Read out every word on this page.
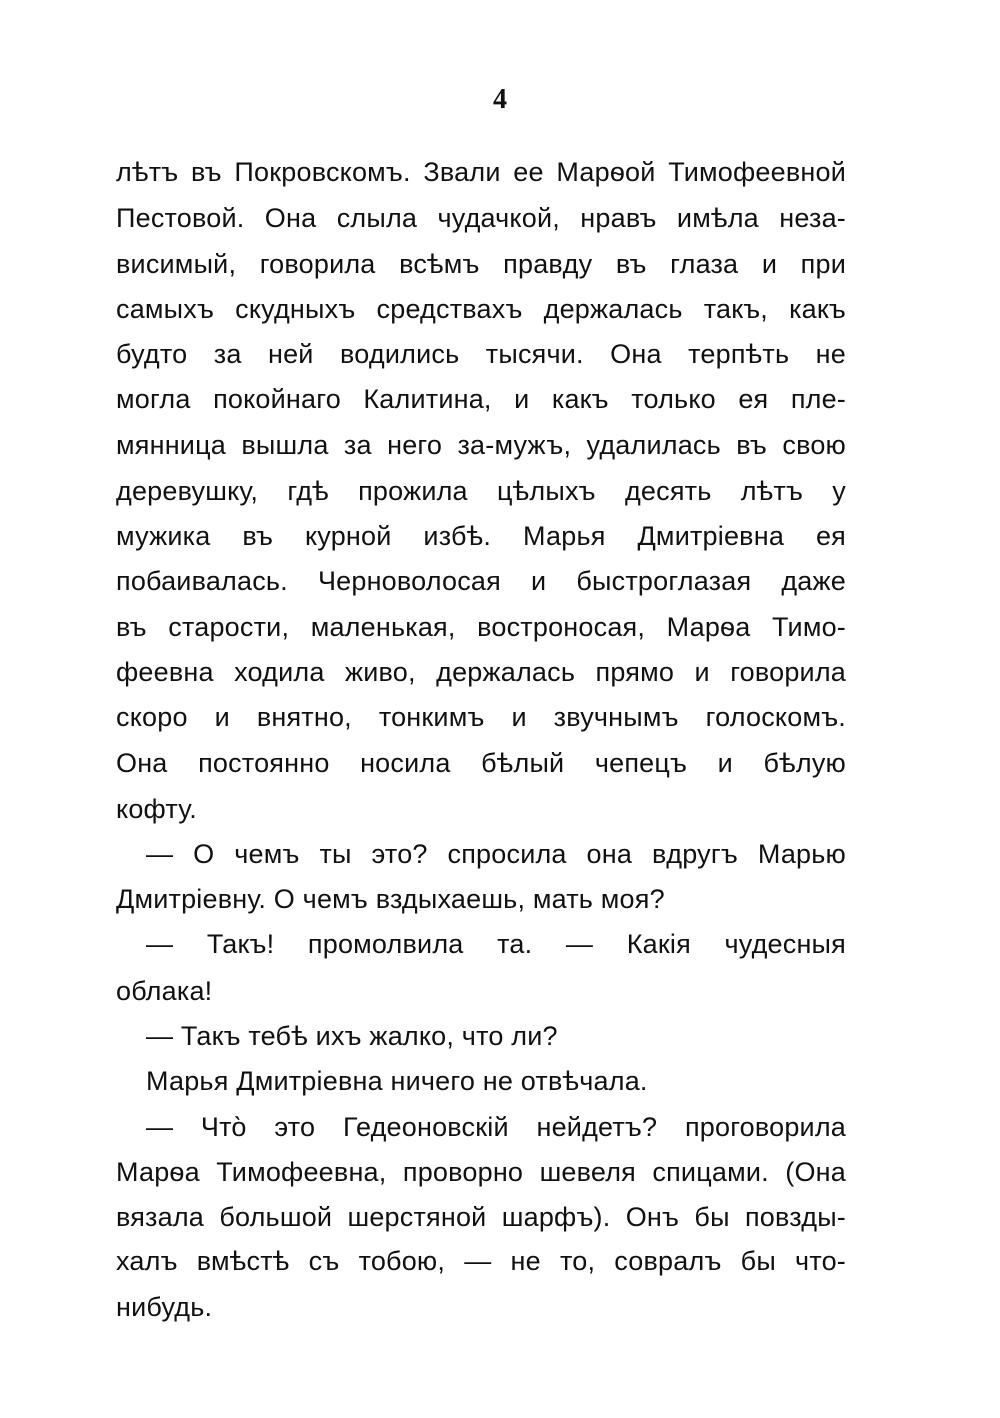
4
лѣтъ въ Покровскомъ. Звали ее Марѳой Тимофеевной
Пестовой. Она слыла чудачкой, нравъ имѣла неза-
висимый, говорила всѣмъ правду въ глаза и при
самыхъ скудныхъ средствахъ держалась такъ, какъ
будто за ней водились тысячи. Она терпѣть не
могла покойнаго Калитина, и какъ только ея пле-
мянница вышла за него за-мужъ, удалилась въ свою
деревушку, гдѣ прожила цѣлыхъ десять лѣтъ у
мужика въ курной избѣ. Марья Дмитріевна ея
побаивалась. Черноволосая и быстроглазая даже
въ старости, маленькая, востроносая, Марѳа Тимо-
феевна ходила живо, держалась прямо и говорила
скоро и внятно, тонкимъ и звучнымъ голоскомъ.
Она постоянно носила бѣлый чепецъ и бѣлую
кофту.
— О чемъ ты это? спросила она вдругъ Марью
Дмитріевну. О чемъ вздыхаешь, мать моя?
— Такъ! промолвила та. — Какія чудесныя
облака!
— Такъ тебѣ ихъ жалко, что ли?
Марья Дмитріевна ничего не отвѣчала.
— Что̀ это Гедеоновскій нейдетъ? проговорила
Марѳа Тимофеевна, проворно шевеля спицами. (Она
вязала большой шерстяной шарфъ). Онъ бы повзды-
халъ вмѣстѣ съ тобою, — не то, совралъ бы что-
нибудь.
